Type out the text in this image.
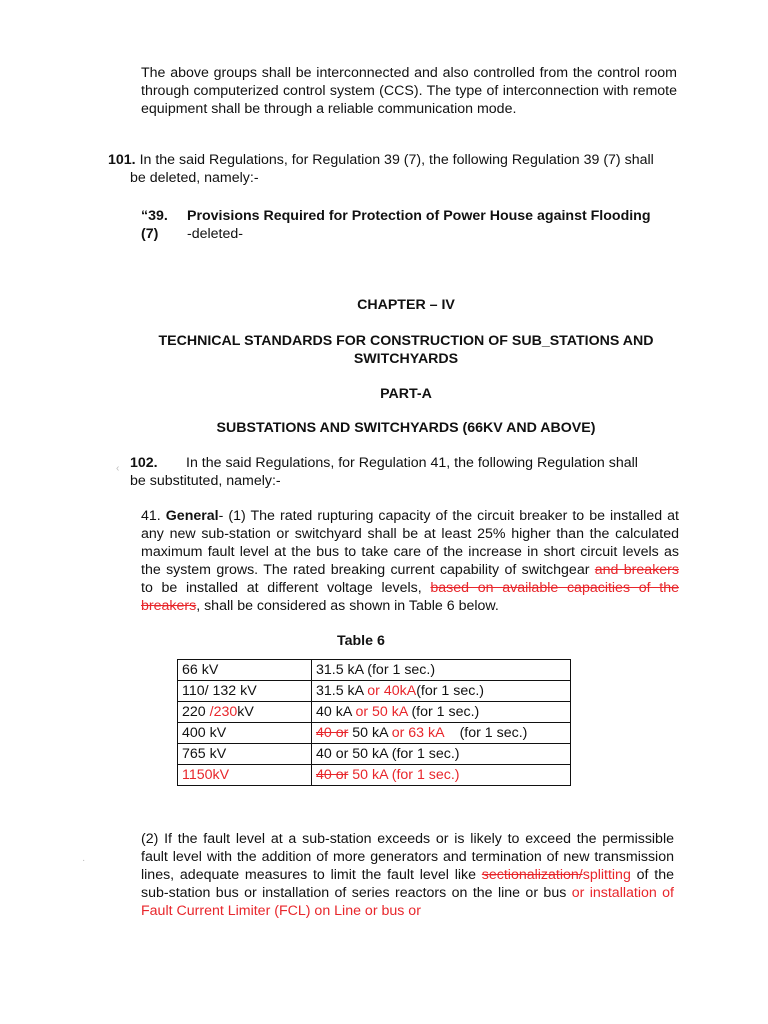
The above groups shall be interconnected and also controlled from the control room through computerized control system (CCS). The type of interconnection with remote equipment shall be through a reliable communication mode.

101. In the said Regulations, for Regulation 39 (7), the following Regulation 39 (7) shall
be deleted, namely:-

“39.	Provisions Required for Protection of Power House against Flooding
(7)	-deleted-
CHAPTER – IV
TECHNICAL STANDARDS FOR CONSTRUCTION OF SUB_STATIONS AND SWITCHYARDS
PART-A
SUBSTATIONS AND SWITCHYARDS (66KV AND ABOVE)
‹ 102. In the said Regulations, for Regulation 41, the following Regulation shall
be substituted, namely:-

41. General- (1) The rated rupturing capacity of the circuit breaker to be installed at any new sub-station or switchyard shall be at least 25% higher than the calculated maximum fault level at the bus to take care of the increase in short circuit levels as the system grows. The rated breaking current capability of switchgear and breakers to be installed at different voltage levels, based on available capacities of the breakers, shall be considered as shown in Table 6 below.

Table 6
66 kV	31.5 kA (for 1 sec.)
110/ 132 kV	31.5 kA or 40kA(for 1 sec.)
220 /230kV	40 kA or 50 kA (for 1 sec.)
400 kV	40 or 50 kA or 63 kA    (for 1 sec.)
765 kV	40 or 50 kA (for 1 sec.)
1150kV	40 or 50 kA (for 1 sec.)
·

(2) If the fault level at a sub-station exceeds or is likely to exceed the permissible fault level with the addition of more generators and termination of new transmission lines, adequate measures to limit the fault level like sectionalization/splitting of the sub-station bus or installation of series reactors on the line or bus or installation of Fault Current Limiter (FCL) on Line or bus or
